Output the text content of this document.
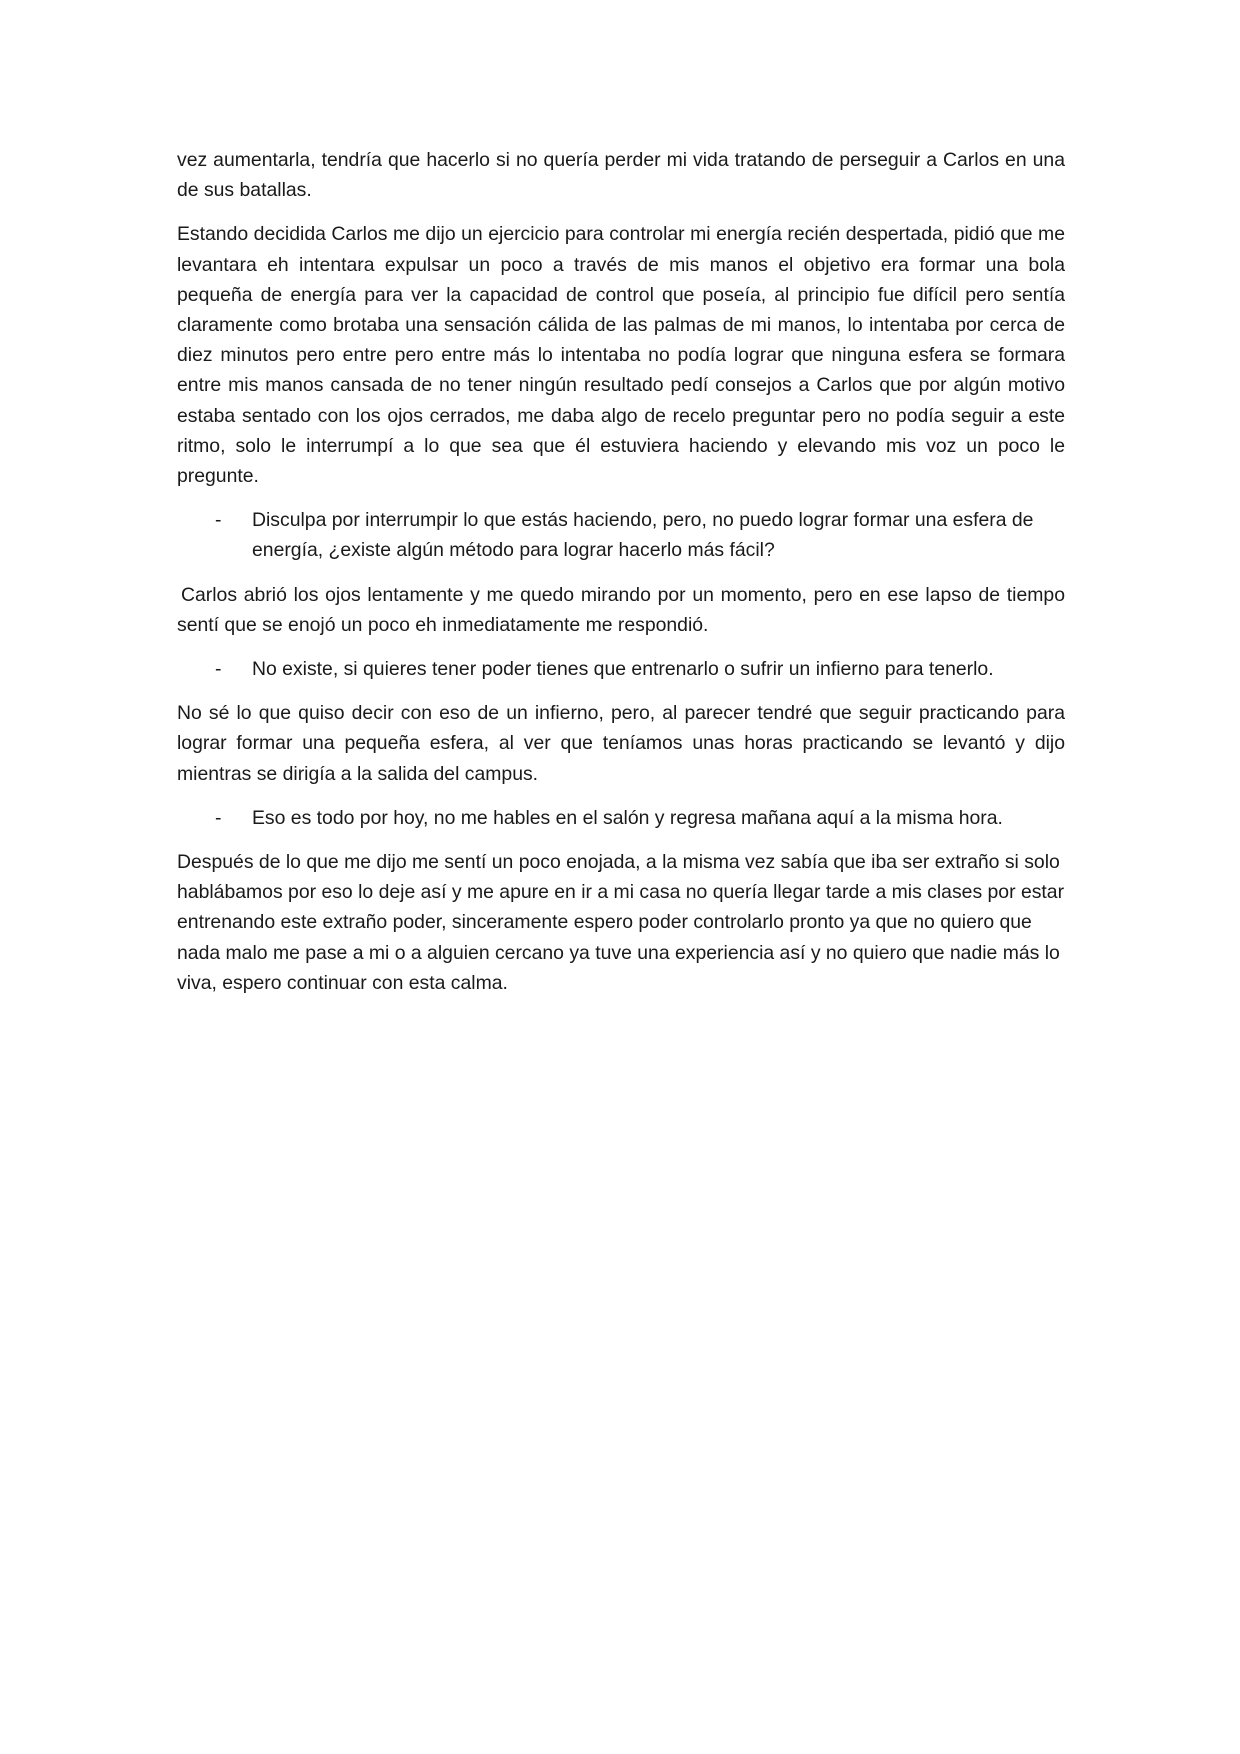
vez aumentarla, tendría que hacerlo si no quería perder mi vida tratando de perseguir a Carlos en una de sus batallas.

Estando decidida Carlos me dijo un ejercicio para controlar mi energía recién despertada, pidió que me levantara eh intentara expulsar un poco a través de mis manos el objetivo era formar una bola pequeña de energía para ver la capacidad de control que poseía, al principio fue difícil pero sentía claramente como brotaba una sensación cálida de las palmas de mi manos, lo intentaba por cerca de diez minutos pero entre pero entre más lo intentaba no podía lograr que ninguna esfera se formara entre mis manos cansada de no tener ningún resultado pedí consejos a Carlos que por algún motivo estaba sentado con los ojos cerrados, me daba algo de recelo preguntar pero no podía seguir a este ritmo, solo le interrumpí a lo que sea que él estuviera haciendo y elevando mis voz un poco le pregunte.

- Disculpa por interrumpir lo que estás haciendo, pero, no puedo lograr formar una esfera de energía, ¿existe algún método para lograr hacerlo más fácil?

Carlos abrió los ojos lentamente y me quedo mirando por un momento, pero en ese lapso de tiempo sentí que se enojó un poco eh inmediatamente me respondió.

- No existe, si quieres tener poder tienes que entrenarlo o sufrir un infierno para tenerlo.

No sé lo que quiso decir con eso de un infierno, pero, al parecer tendré que seguir practicando para lograr formar una pequeña esfera, al ver que teníamos unas horas practicando se levantó y dijo mientras se dirigía a la salida del campus.

- Eso es todo por hoy, no me hables en el salón y regresa mañana aquí a la misma hora.

Después de lo que me dijo me sentí un poco enojada, a la misma vez sabía que iba ser extraño si solo hablábamos por eso lo deje así y me apure en ir a mi casa no quería llegar tarde a mis clases por estar entrenando este extraño poder, sinceramente espero poder controlarlo pronto ya que no quiero que nada malo me pase a mi o a alguien cercano ya tuve una experiencia así y no quiero que nadie más lo viva, espero continuar con esta calma.
